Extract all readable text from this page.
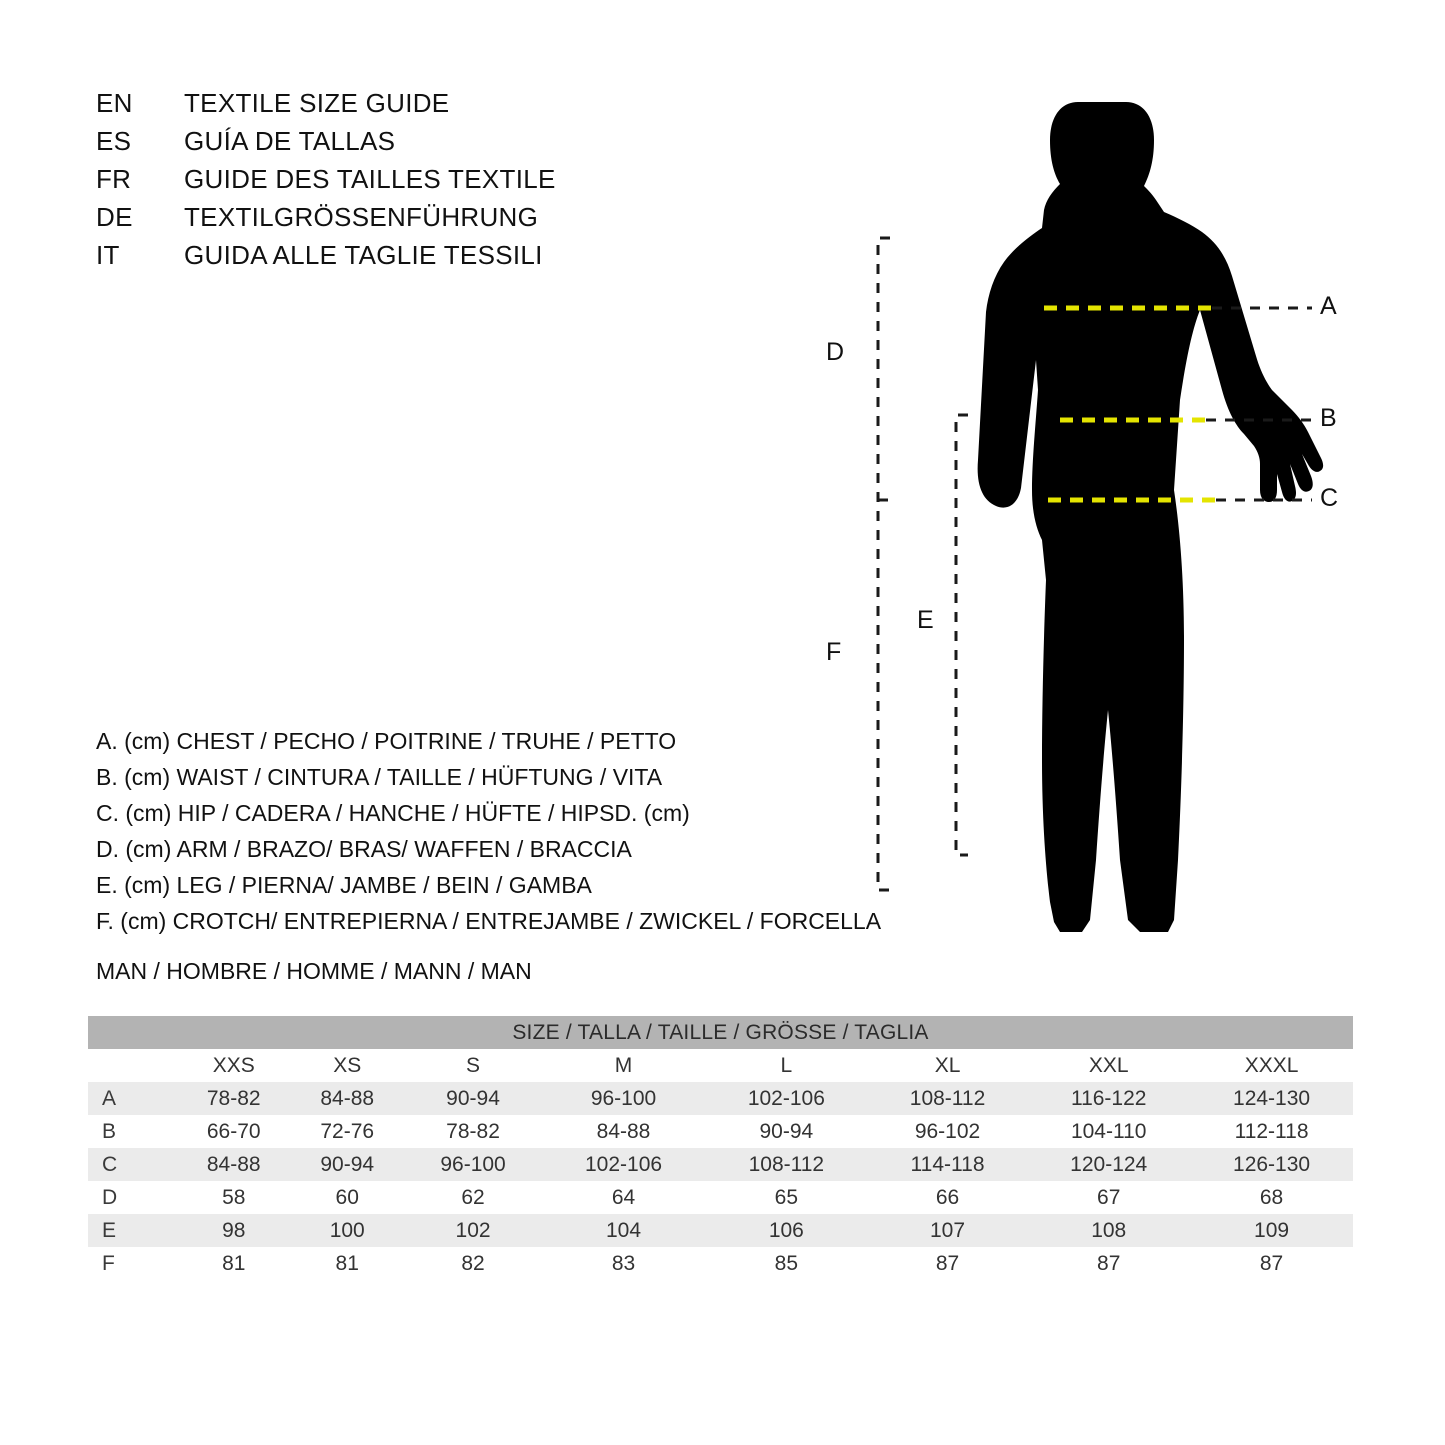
EN	TEXTILE SIZE GUIDE
ES	GUÍA DE TALLAS
FR	GUIDE DES TAILLES TEXTILE
DE	TEXTILGRÖSSENFÜHRUNG
IT	GUIDA ALLE TAGLIE TESSILI
A
B
C
D
E
F
A. (cm) CHEST / PECHO / POITRINE / TRUHE / PETTO
B. (cm) WAIST / CINTURA / TAILLE / HÜFTUNG / VITA
C. (cm) HIP / CADERA / HANCHE / HÜFTE / HIPSD. (cm)
D. (cm) ARM / BRAZO/ BRAS/ WAFFEN / BRACCIA
E. (cm) LEG / PIERNA/ JAMBE / BEIN / GAMBA
F. (cm) CROTCH/ ENTREPIERNA / ENTREJAMBE / ZWICKEL / FORCELLA
MAN / HOMBRE / HOMME / MANN / MAN
SIZE / TALLA / TAILLE / GRÖSSE / TAGLIA								
	XXS	XS	S	M	L	XL	XXL	XXXL
A	78-82	84-88	90-94	96-100	102-106	108-112	116-122	124-130
B	66-70	72-76	78-82	84-88	90-94	96-102	104-110	112-118
C	84-88	90-94	96-100	102-106	108-112	114-118	120-124	126-130
D	58	60	62	64	65	66	67	68
E	98	100	102	104	106	107	108	109
F	81	81	82	83	85	87	87	87
